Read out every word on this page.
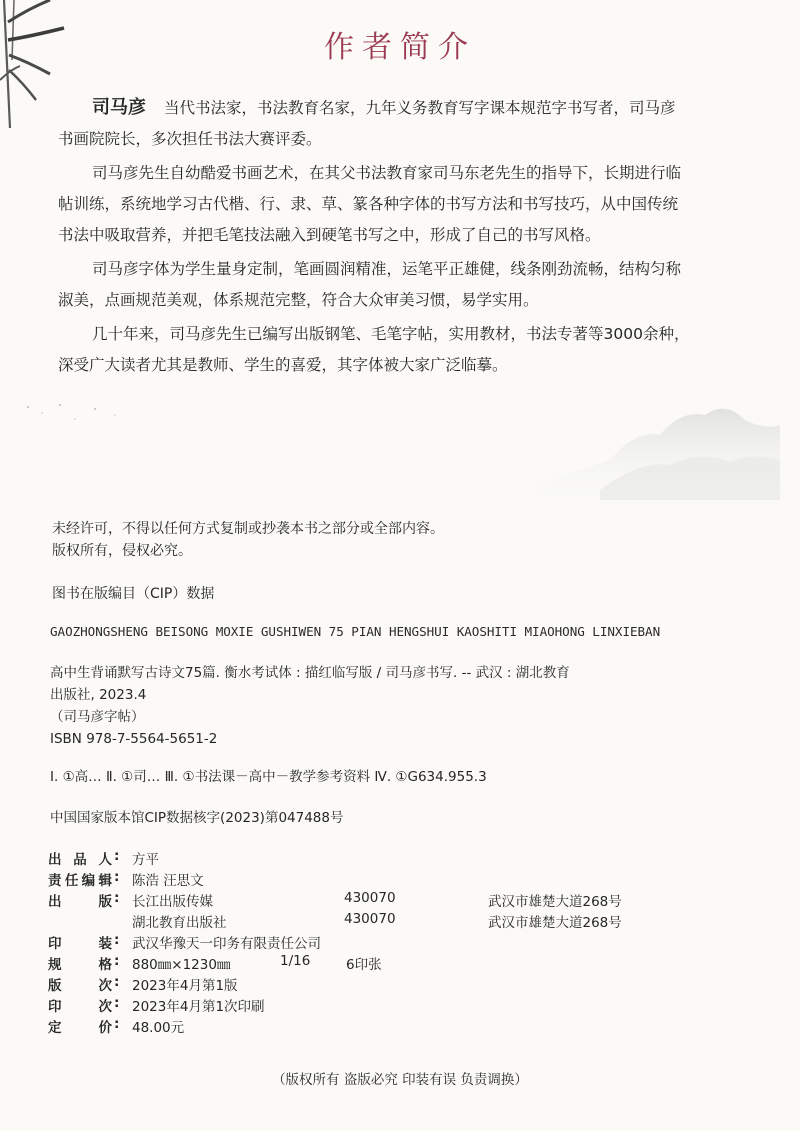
作者简介
司马彦 当代书法家，书法教育名家，九年义务教育写字课本规范字书写者，司马彦
书画院院长，多次担任书法大赛评委。
司马彦先生自幼酷爱书画艺术，在其父书法教育家司马东老先生的指导下，长期进行临
帖训练，系统地学习古代楷、行、隶、草、篆各种字体的书写方法和书写技巧，从中国传统
书法中吸取营养，并把毛笔技法融入到硬笔书写之中，形成了自己的书写风格。
司马彦字体为学生量身定制，笔画圆润精准，运笔平正雄健，线条刚劲流畅，结构匀称
淑美，点画规范美观，体系规范完整，符合大众审美习惯，易学实用。
几十年来，司马彦先生已编写出版钢笔、毛笔字帖，实用教材，书法专著等3000余种，
深受广大读者尤其是教师、学生的喜爱，其字体被大家广泛临摹。
未经许可，不得以任何方式复制或抄袭本书之部分或全部内容。
版权所有，侵权必究。
图书在版编目（CIP）数据
GAOZHONGSHENG BEISONG MOXIE GUSHIWEN 75 PIAN HENGSHUI KAOSHITI MIAOHONG LINXIEBAN
高中生背诵默写古诗文75篇. 衡水考试体 : 描红临写版 / 司马彦书写. -- 武汉 : 湖北教育
出版社, 2023.4
（司马彦字帖）
ISBN 978-7-5564-5651-2
Ⅰ. ①高… Ⅱ. ①司… Ⅲ. ①书法课－高中－教学参考资料 Ⅳ. ①G634.955.3
中国国家版本馆CIP数据核字(2023)第047488号
出品人 : 方平
责任编辑 : 陈浩 汪思文
出版 : 长江出版传媒	430070	武汉市雄楚大道268号
湖北教育出版社	430070	武汉市雄楚大道268号
印装 : 武汉华豫天一印务有限责任公司
规格 : 880㎜×1230㎜	1/16	6印张
版次 : 2023年4月第1版
印次 : 2023年4月第1次印刷
定价 : 48.00元
（版权所有 盗版必究 印装有误 负责调换）
